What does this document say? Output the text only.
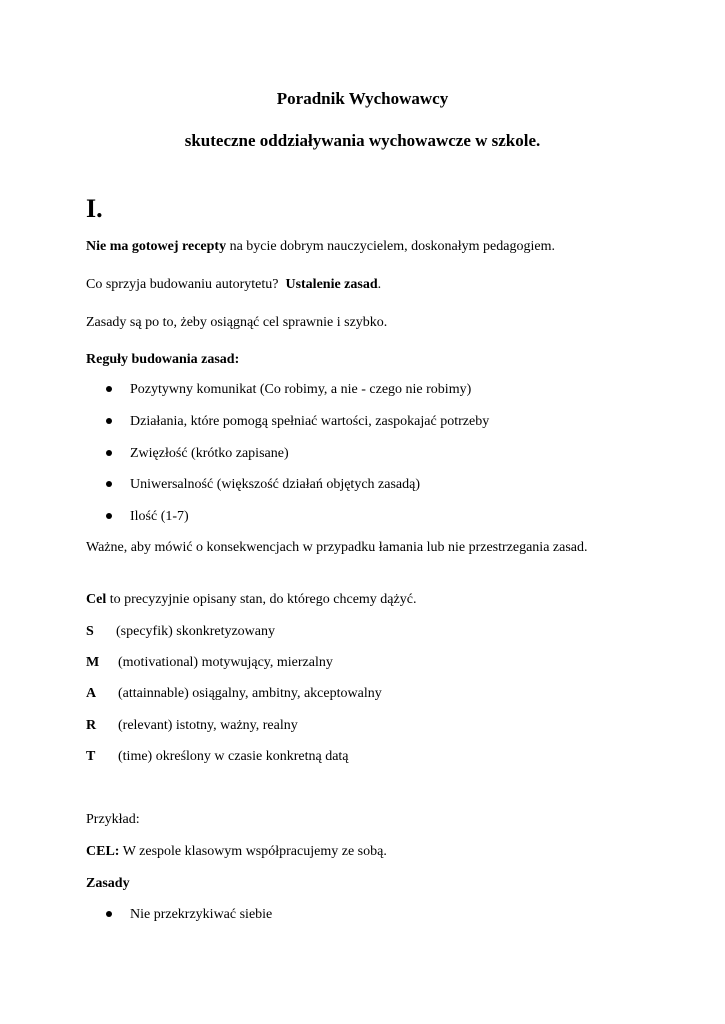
Poradnik Wychowawcy
skuteczne oddziaływania wychowawcze w szkole.
I.
Nie ma gotowej recepty na bycie dobrym nauczycielem, doskonałym pedagogiem.
Co sprzyja budowaniu autorytetu?  Ustalenie zasad.
Zasady są po to, żeby osiągnąć cel sprawnie i szybko.
Reguły budowania zasad:
Pozytywny komunikat (Co robimy, a nie - czego nie robimy)
Działania, które pomogą spełniać wartości, zaspokajać potrzeby
Zwięzłość (krótko zapisane)
Uniwersalność (większość działań objętych zasadą)
Ilość (1-7)
Ważne, aby mówić o konsekwencjach w przypadku łamania lub nie przestrzegania zasad.
Cel to precyzyjnie opisany stan, do którego chcemy dążyć.
S (specyfik) skonkretyzowany
M (motivational) motywujący, mierzalny
A (attainnable) osiągalny, ambitny, akceptowalny
R (relevant) istotny, ważny, realny
T (time) określony w czasie konkretną datą
Przykład:
CEL: W zespole klasowym współpracujemy ze sobą.
Zasady
Nie przekrzykiwać siebie
